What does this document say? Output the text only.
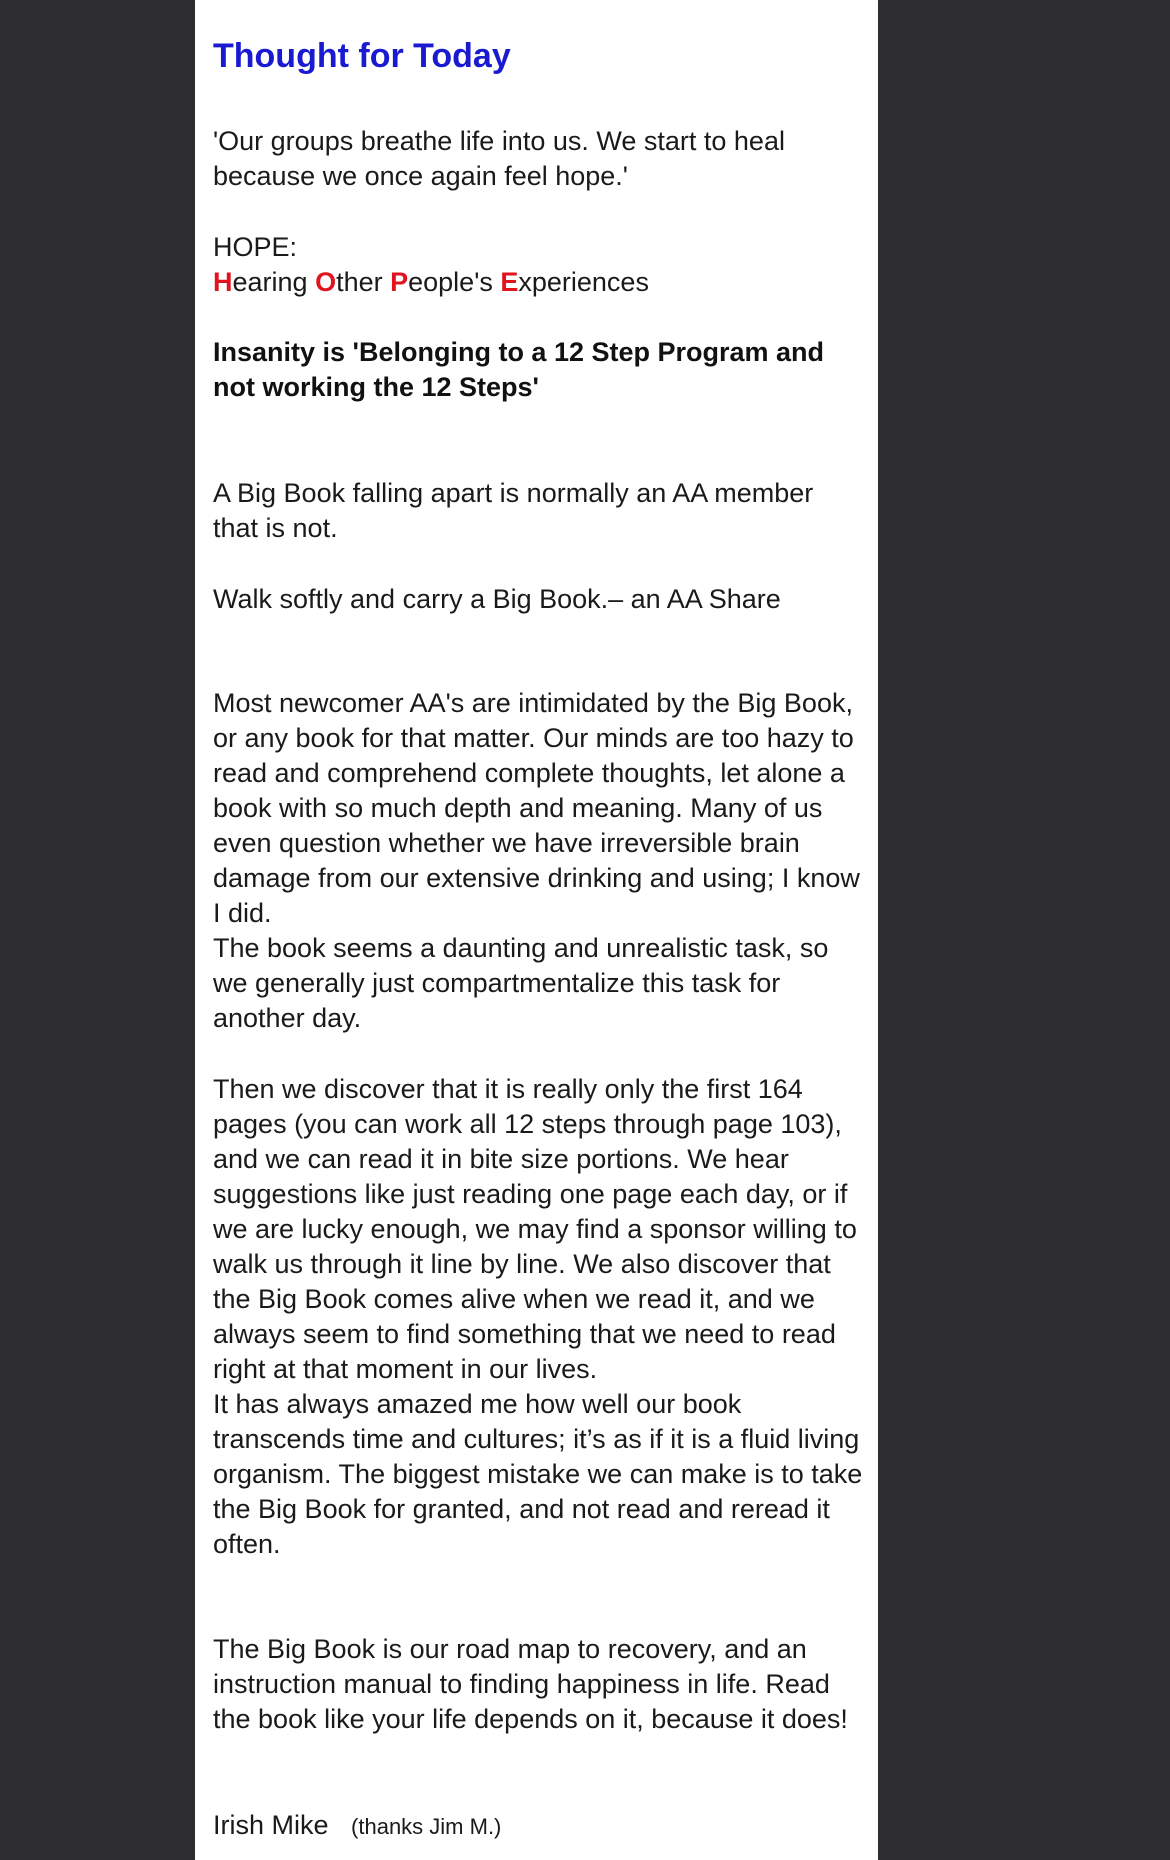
Thought for Today

'Our groups breathe life into us. We start to heal
because we once again feel hope.'

HOPE:
Hearing Other People's Experiences

Insanity is 'Belonging to a 12 Step Program and
not working the 12 Steps'

A Big Book falling apart is normally an AA member
that is not.

Walk softly and carry a Big Book.– an AA Share

Most newcomer AA's are intimidated by the Big Book, or any book for that matter. Our minds are too hazy to read and comprehend complete thoughts, let alone a book with so much depth and meaning. Many of us even question whether we have irreversible brain damage from our extensive drinking and using; I know I did.
The book seems a daunting and unrealistic task, so we generally just compartmentalize this task for another day.
Then we discover that it is really only the first 164 pages (you can work all 12 steps through page 103), and we can read it in bite size portions. We hear suggestions like just reading one page each day, or if we are lucky enough, we may find a sponsor willing to walk us through it line by line. We also discover that the Big Book comes alive when we read it, and we always seem to find something that we need to read right at that moment in our lives.
It has always amazed me how well our book transcends time and cultures; it’s as if it is a fluid living organism. The biggest mistake we can make is to take the Big Book for granted, and not read and reread it often.

The Big Book is our road map to recovery, and an instruction manual to finding happiness in life. Read the book like your life depends on it, because it does!

Irish Mike (thanks Jim M.)
